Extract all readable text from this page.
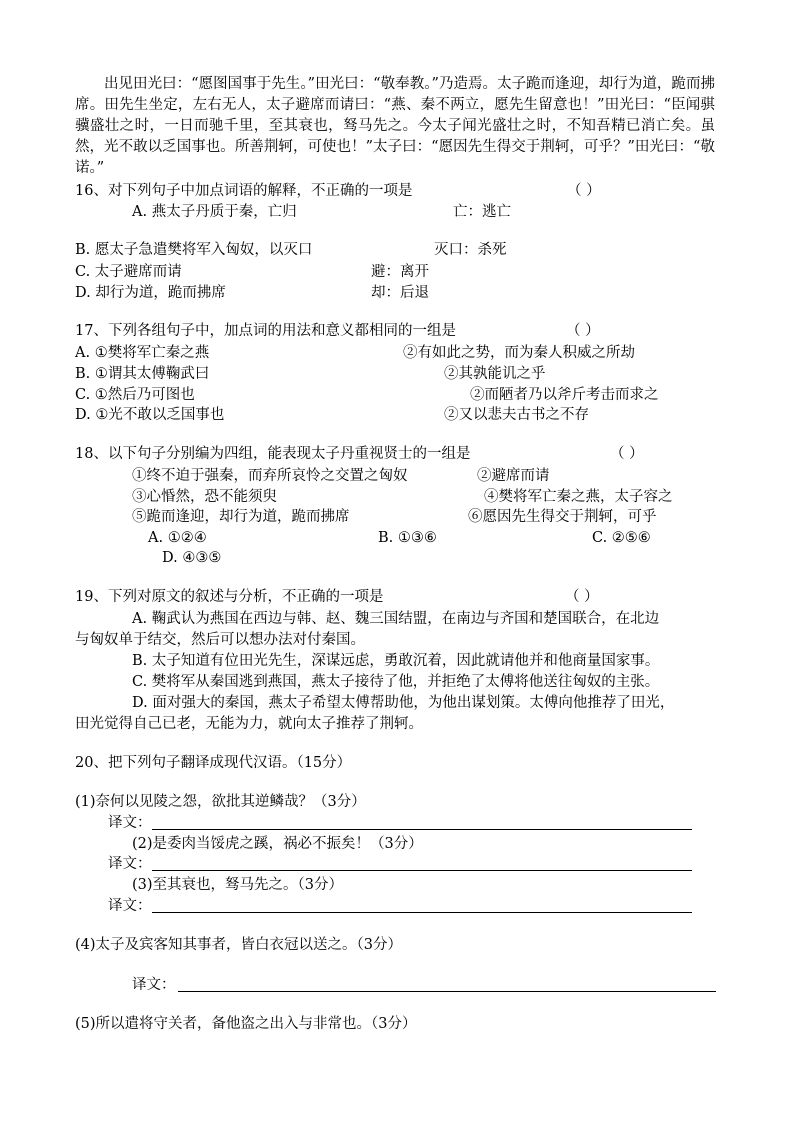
出见田光曰：“愿图国事于先生。”田光曰：“敬奉教。”乃造焉。太子跪而逢迎，却行为道，跪而拂席。田先生坐定，左右无人，太子避席而请曰：“燕、秦不两立，愿先生留意也！”田光曰：“臣闻骐骥盛壮之时，一日而驰千里，至其衰也，驽马先之。今太子闻光盛壮之时，不知吾精已消亡矣。虽然，光不敢以乏国事也。所善荆轲，可使也！”太子曰：“愿因先生得交于荆轲，可乎？”田光曰：“敬诺。”

16、对下列句子中加点词语的解释，不正确的一项是	（ ）
A. 燕太子丹质于秦，亡归	亡：逃亡
B. 愿太子急遣樊将军入匈奴，以灭口	灭口：杀死
C. 太子避席而请	避：离开
D. 却行为道，跪而拂席	却：后退
17、下列各组句子中，加点词的用法和意义都相同的一组是	（ ）
A. ①樊将军亡秦之燕	②有如此之势，而为秦人积威之所劫
B. ①谓其太傅鞠武曰	②其孰能讥之乎
C. ①然后乃可图也	②而陋者乃以斧斤考击而求之
D. ①光不敢以乏国事也	②又以悲夫古书之不存
18、以下句子分别编为四组，能表现太子丹重视贤士的一组是	（ ）
①终不迫于强秦，而弃所哀怜之交置之匈奴	②避席而请
③心惛然，恐不能须臾	④樊将军亡秦之燕，太子容之
⑤跪而逢迎，却行为道，跪而拂席	⑥愿因先生得交于荆轲，可乎
A. ①②④	B. ①③⑥	C. ②⑤⑥
D. ④③⑤
19、下列对原文的叙述与分析，不正确的一项是	（ ）
A. 鞠武认为燕国在西边与韩、赵、魏三国结盟，在南边与齐国和楚国联合，在北边
与匈奴单于结交，然后可以想办法对付秦国。
B. 太子知道有位田光先生，深谋远虑，勇敢沉着，因此就请他并和他商量国家事。
C. 樊将军从秦国逃到燕国，燕太子接待了他，并拒绝了太傅将他送往匈奴的主张。
D. 面对强大的秦国，燕太子希望太傅帮助他，为他出谋划策。太傅向他推荐了田光，
田光觉得自己已老，无能为力，就向太子推荐了荆轲。
20、把下列句子翻译成现代汉语。（15分）
(1)奈何以见陵之怨，欲批其逆鳞哉？（3分）
译文：
(2)是委肉当馁虎之蹊，祸必不振矣！（3分）
译文：
(3)至其衰也，驽马先之。（3分）
译文：
(4)太子及宾客知其事者，皆白衣冠以送之。（3分）
译文：
(5)所以遣将守关者，备他盗之出入与非常也。（3分）
